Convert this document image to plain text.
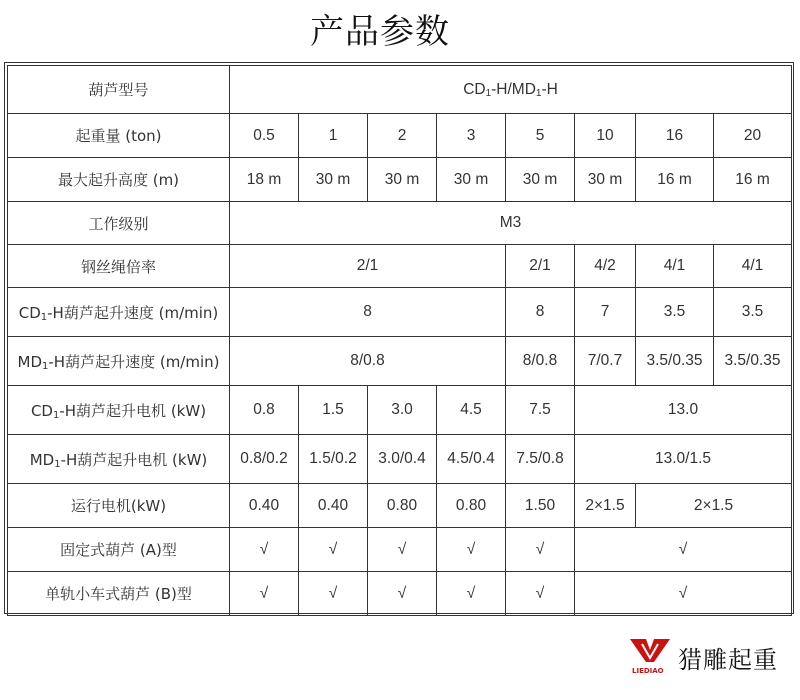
产品参数
葫芦型号	$CD_1-H/MD_1-H$							
起重量 (ton)	0.5	1	2	3	5	10	16	20
最大起升高度 (m)	18 m	30 m	30 m	30 m	30 m	30 m	16 m	16 m
工作级别	M3							
钢丝绳倍率	2/1				2/1	4/2	4/1	4/1
$CD_1-H$葫芦起升速度 (m/min)	8				8	7	3.5	3.5
$MD_1-H$葫芦起升速度 (m/min)	8/0.8				8/0.8	7/0.7	3.5/0.35	3.5/0.35
$CD_1-H$葫芦起升电机 (kW)	0.8	1.5	3.0	4.5	7.5	13.0		
$MD_1-H$葫芦起升电机 (kW)	0.8/0.2	1.5/0.2	3.0/0.4	4.5/0.4	7.5/0.8	13.0/1.5		
运行电机(kW)	0.40	0.40	0.80	0.80	1.50	2×1.5	2×1.5	
固定式葫芦 (A)型	√	√	√	√	√	√		
单轨小车式葫芦 (B)型	√	√	√	√	√	√		
LIEDIAO 猎雕起重
